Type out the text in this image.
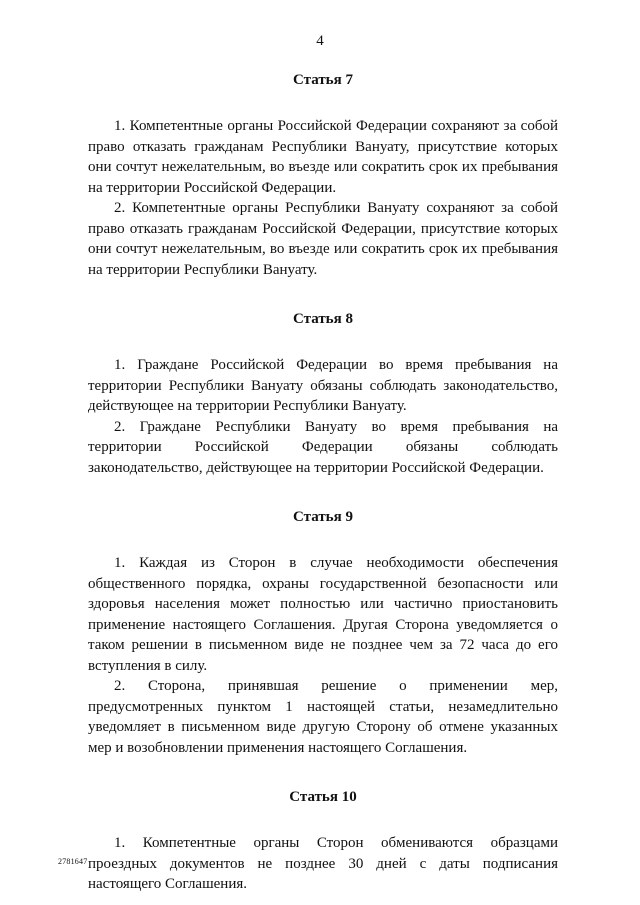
4
Статья 7

1. Компетентные органы Российской Федерации сохраняют за собой право отказать гражданам Республики Вануату, присутствие которых они сочтут нежелательным, во въезде или сократить срок их пребывания на территории Российской Федерации.

2. Компетентные органы Республики Вануату сохраняют за собой право отказать гражданам Российской Федерации, присутствие которых они сочтут нежелательным, во въезде или сократить срок их пребывания на территории Республики Вануату.

Статья 8

1. Граждане Российской Федерации во время пребывания на территории Республики Вануату обязаны соблюдать законодательство, действующее на территории Республики Вануату.

2. Граждане Республики Вануату во время пребывания на территории Российской Федерации обязаны соблюдать законодательство, действующее на территории Российской Федерации.

Статья 9

1. Каждая из Сторон в случае необходимости обеспечения общественного порядка, охраны государственной безопасности или здоровья населения может полностью или частично приостановить применение настоящего Соглашения. Другая Сторона уведомляется о таком решении в письменном виде не позднее чем за 72 часа до его вступления в силу.

2. Сторона, принявшая решение о применении мер, предусмотренных пунктом 1 настоящей статьи, незамедлительно уведомляет в письменном виде другую Сторону об отмене указанных мер и возобновлении применения настоящего Соглашения.

Статья 10

1. Компетентные органы Сторон обмениваются образцами проездных документов не позднее 30 дней с даты подписания настоящего Соглашения.

2781647
